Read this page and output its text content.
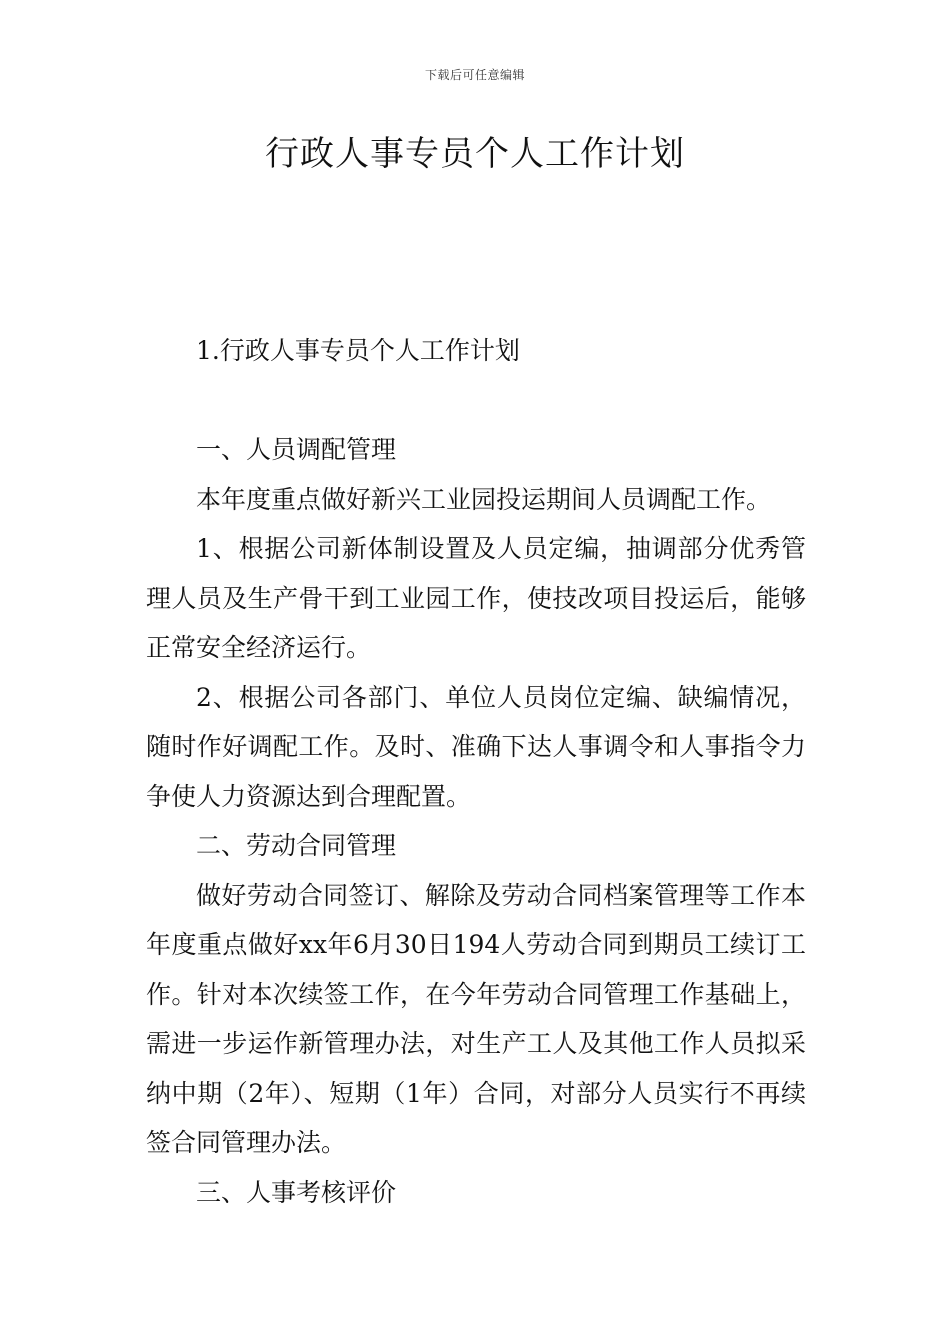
下载后可任意编辑
行政人事专员个人工作计划

1.行政人事专员个人工作计划

一、人员调配管理

本年度重点做好新兴工业园投运期间人员调配工作。

1、根据公司新体制设置及人员定编，抽调部分优秀管理人员及生产骨干到工业园工作，使技改项目投运后，能够正常安全经济运行。

2、根据公司各部门、单位人员岗位定编、缺编情况，随时作好调配工作。及时、准确下达人事调令和人事指令力争使人力资源达到合理配置。

二、劳动合同管理

做好劳动合同签订、解除及劳动合同档案管理等工作本年度重点做好xx年6月30日194人劳动合同到期员工续订工作。针对本次续签工作，在今年劳动合同管理工作基础上，需进一步运作新管理办法，对生产工人及其他工作人员拟采纳中期（2年）、短期（1年）合同，对部分人员实行不再续签合同管理办法。

三、人事考核评价
